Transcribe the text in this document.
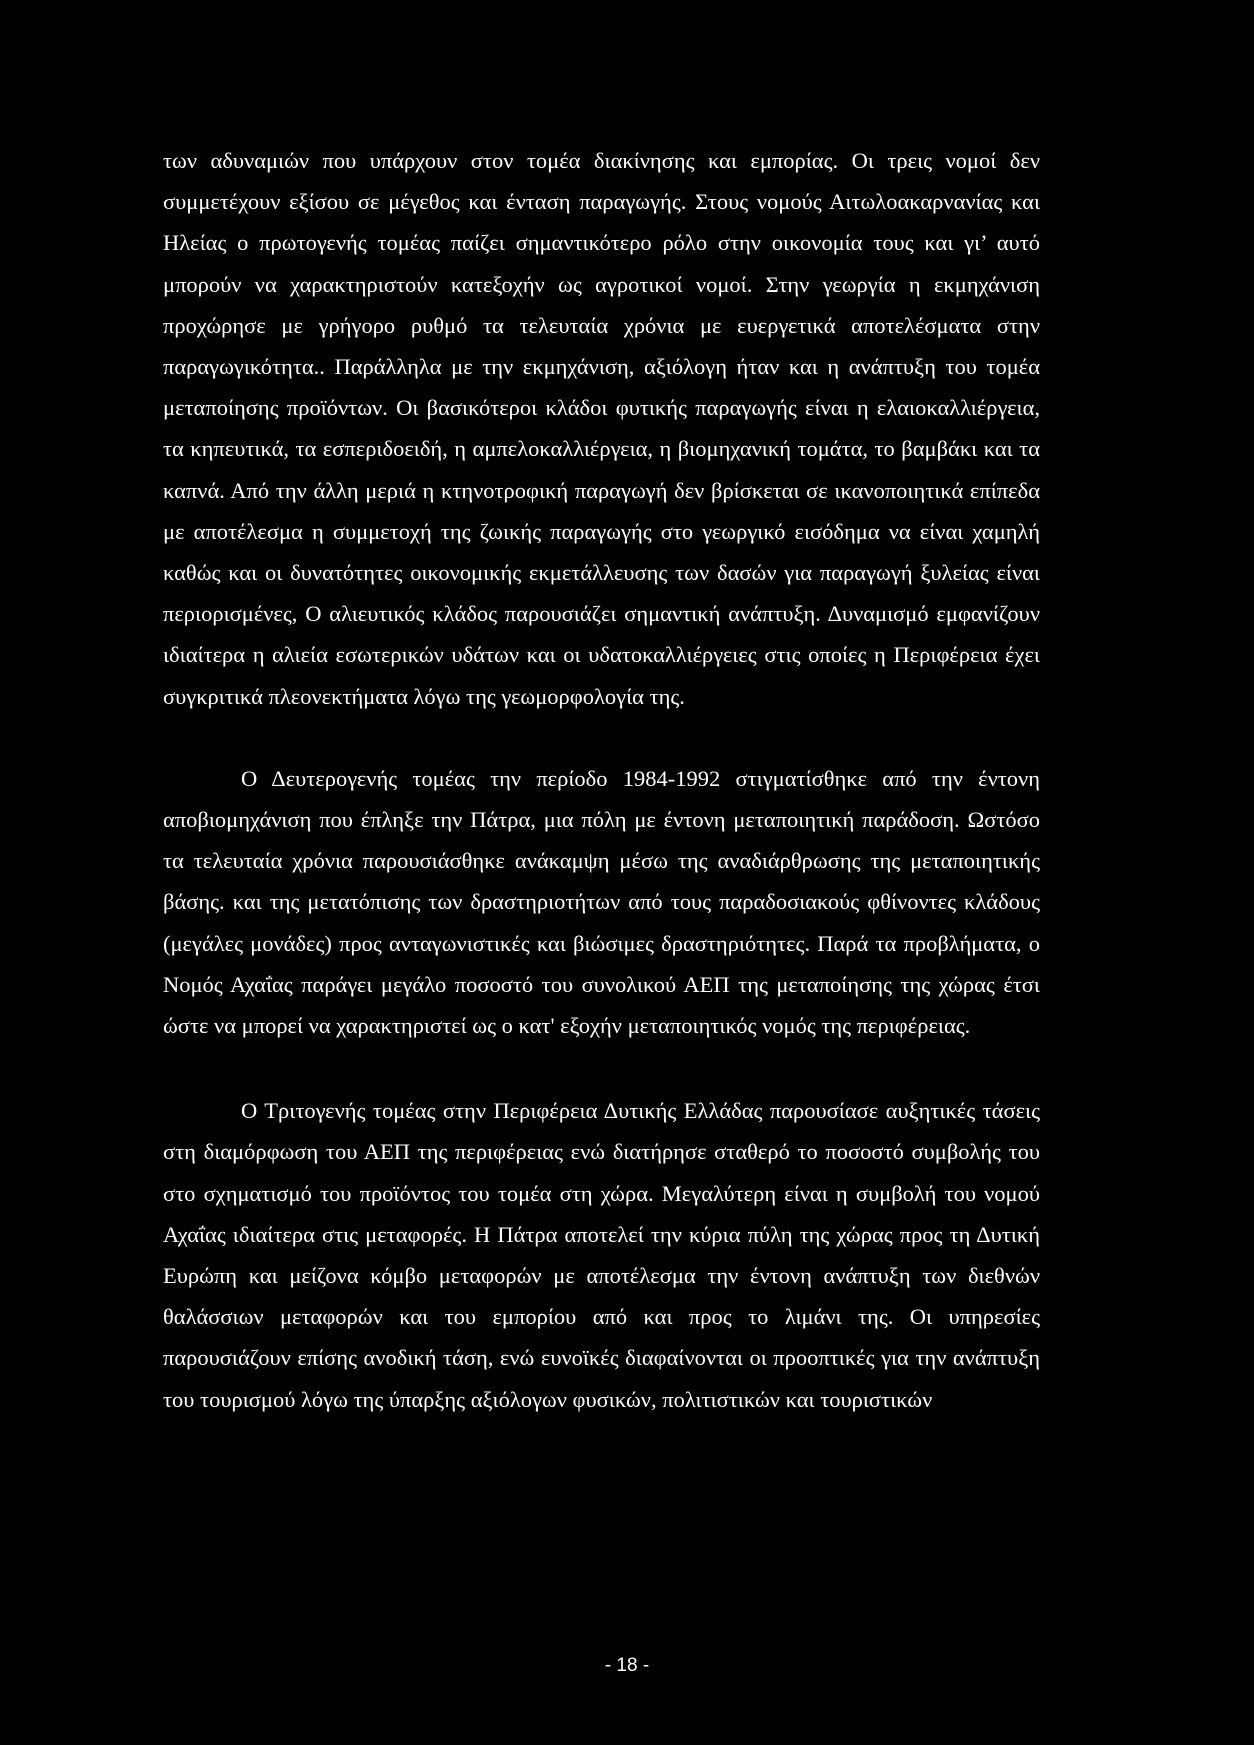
των αδυναμιών που υπάρχουν στον τομέα διακίνησης και εμπορίας. Οι τρεις νομοί δεν συμμετέχουν εξίσου σε μέγεθος και ένταση παραγωγής. Στους νομούς Αιτωλοακαρνανίας και Ηλείας ο πρωτογενής τομέας παίζει σημαντικότερο ρόλο στην οικονομία τους και γι’ αυτό μπορούν να χαρακτηριστούν κατεξοχήν ως αγροτικοί νομοί. Στην γεωργία η εκμηχάνιση προχώρησε με γρήγορο ρυθμό τα τελευταία χρόνια με ευεργετικά αποτελέσματα στην παραγωγικότητα.. Παράλληλα με την εκμηχάνιση, αξιόλογη ήταν και η ανάπτυξη του τομέα μεταποίησης προϊόντων. Οι βασικότεροι κλάδοι φυτικής παραγωγής είναι η ελαιοκαλλιέργεια, τα κηπευτικά, τα εσπεριδοειδή, η αμπελοκαλλιέργεια, η βιομηχανική τομάτα, το βαμβάκι και τα καπνά. Από την άλλη μεριά η κτηνοτροφική παραγωγή δεν βρίσκεται σε ικανοποιητικά επίπεδα με αποτέλεσμα η συμμετοχή της ζωικής παραγωγής στο γεωργικό εισόδημα να είναι χαμηλή καθώς και οι δυνατότητες οικονομικής εκμετάλλευσης των δασών για παραγωγή ξυλείας είναι περιορισμένες, Ο αλιευτικός κλάδος παρουσιάζει σημαντική ανάπτυξη. Δυναμισμό εμφανίζουν ιδιαίτερα η αλιεία εσωτερικών υδάτων και οι υδατοκαλλιέργειες στις οποίες η Περιφέρεια έχει συγκριτικά πλεονεκτήματα λόγω της γεωμορφολογία της.

Ο Δευτερογενής τομέας την περίοδο 1984-1992 στιγματίσθηκε από την έντονη αποβιομηχάνιση που έπληξε την Πάτρα, μια πόλη με έντονη μεταποιητική παράδοση. Ωστόσο τα τελευταία χρόνια παρουσιάσθηκε ανάκαμψη μέσω της αναδιάρθρωσης της μεταποιητικής βάσης. και της μετατόπισης των δραστηριοτήτων από τους παραδοσιακούς φθίνοντες κλάδους (μεγάλες μονάδες) προς ανταγωνιστικές και βιώσιμες δραστηριότητες. Παρά τα προβλήματα, ο Νομός Αχαΐας παράγει μεγάλο ποσοστό του συνολικού ΑΕΠ της μεταποίησης της χώρας έτσι ώστε να μπορεί να χαρακτηριστεί ως ο κατ' εξοχήν μεταποιητικός νομός της περιφέρειας.

Ο Τριτογενής τομέας στην Περιφέρεια Δυτικής Ελλάδας παρουσίασε αυξητικές τάσεις στη διαμόρφωση του ΑΕΠ της περιφέρειας ενώ διατήρησε σταθερό το ποσοστό συμβολής του στο σχηματισμό του προϊόντος του τομέα στη χώρα. Μεγαλύτερη είναι η συμβολή του νομού Αχαΐας ιδιαίτερα στις μεταφορές. Η Πάτρα αποτελεί την κύρια πύλη της χώρας προς τη Δυτική Ευρώπη και μείζονα κόμβο μεταφορών με αποτέλεσμα την έντονη ανάπτυξη των διεθνών θαλάσσιων μεταφορών και του εμπορίου από και προς το λιμάνι της. Οι υπηρεσίες παρουσιάζουν επίσης ανοδική τάση, ενώ ευνοϊκές διαφαίνονται οι προοπτικές για την ανάπτυξη του τουρισμού λόγω της ύπαρξης αξιόλογων φυσικών, πολιτιστικών και τουριστικών

- 18 -
